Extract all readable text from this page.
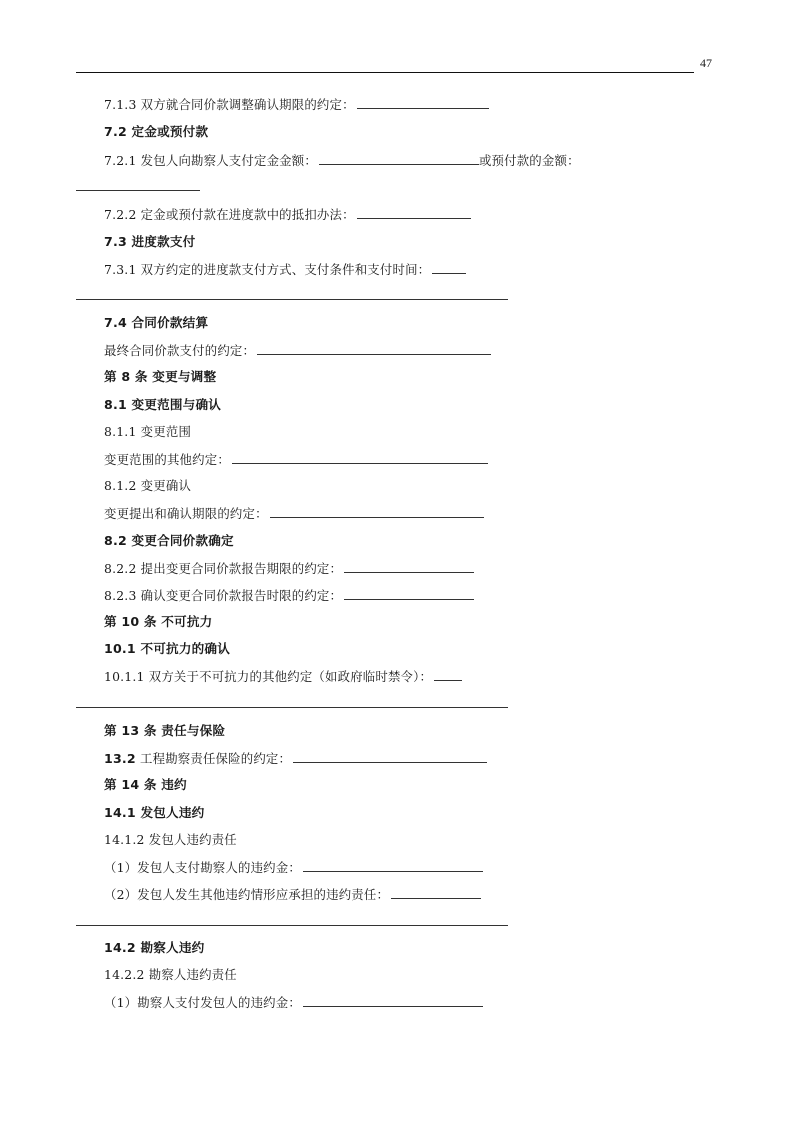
47
7.1.3 双方就合同价款调整确认期限的约定：
7.2 定金或预付款
7.2.1 发包人向勘察人支付定金金额：	或预付款的金额：
7.2.2 定金或预付款在进度款中的抵扣办法：
7.3 进度款支付
7.3.1 双方约定的进度款支付方式、支付条件和支付时间：
7.4 合同价款结算
最终合同价款支付的约定：
第 8 条 变更与调整
8.1 变更范围与确认
8.1.1 变更范围
变更范围的其他约定：
8.1.2 变更确认
变更提出和确认期限的约定：
8.2 变更合同价款确定
8.2.2 提出变更合同价款报告期限的约定：
8.2.3 确认变更合同价款报告时限的约定：
第 10 条 不可抗力
10.1 不可抗力的确认
10.1.1 双方关于不可抗力的其他约定（如政府临时禁令）：
第 13 条 责任与保险
13.2 工程勘察责任保险的约定：
第 14 条 违约
14.1 发包人违约
14.1.2 发包人违约责任
（1）发包人支付勘察人的违约金：
（2）发包人发生其他违约情形应承担的违约责任：
14.2 勘察人违约
14.2.2 勘察人违约责任
（1）勘察人支付发包人的违约金：
